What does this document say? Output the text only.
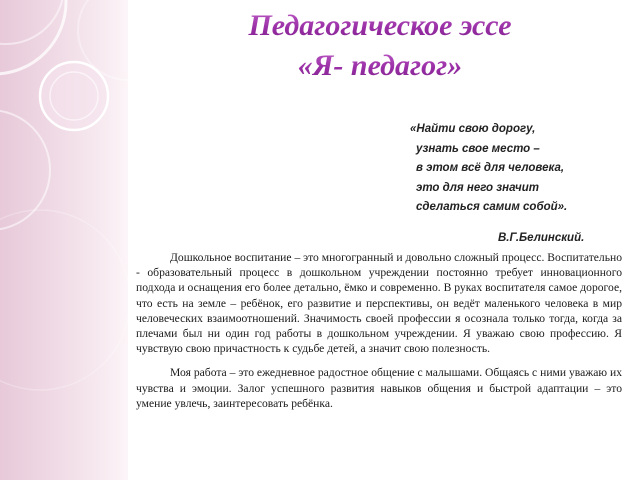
Педагогическое эссе
«Я- педагог»
«Найти свою дорогу,
узнать свое место –
в этом всё для человека,
это для него значит
сделаться самим собой».
В.Г.Белинский.

Дошкольное воспитание – это многогранный и довольно сложный процесс. Воспитательно - образовательный процесс в дошкольном учреждении постоянно требует инновационного подхода и оснащения его более детально, ёмко и современно. В руках воспитателя самое дорогое, что есть на земле – ребёнок, его развитие и перспективы, он ведёт маленького человека в мир человеческих взаимоотношений. Значимость своей профессии я осознала только тогда, когда за плечами был ни один год работы в дошкольном учреждении. Я уважаю свою профессию. Я чувствую свою причастность к судьбе детей, а значит свою полезность.

Моя работа – это ежедневное радостное общение с малышами. Общаясь с ними уважаю их чувства и эмоции. Залог успешного развития навыков общения и быстрой адаптации – это умение увлечь, заинтересовать ребёнка.
